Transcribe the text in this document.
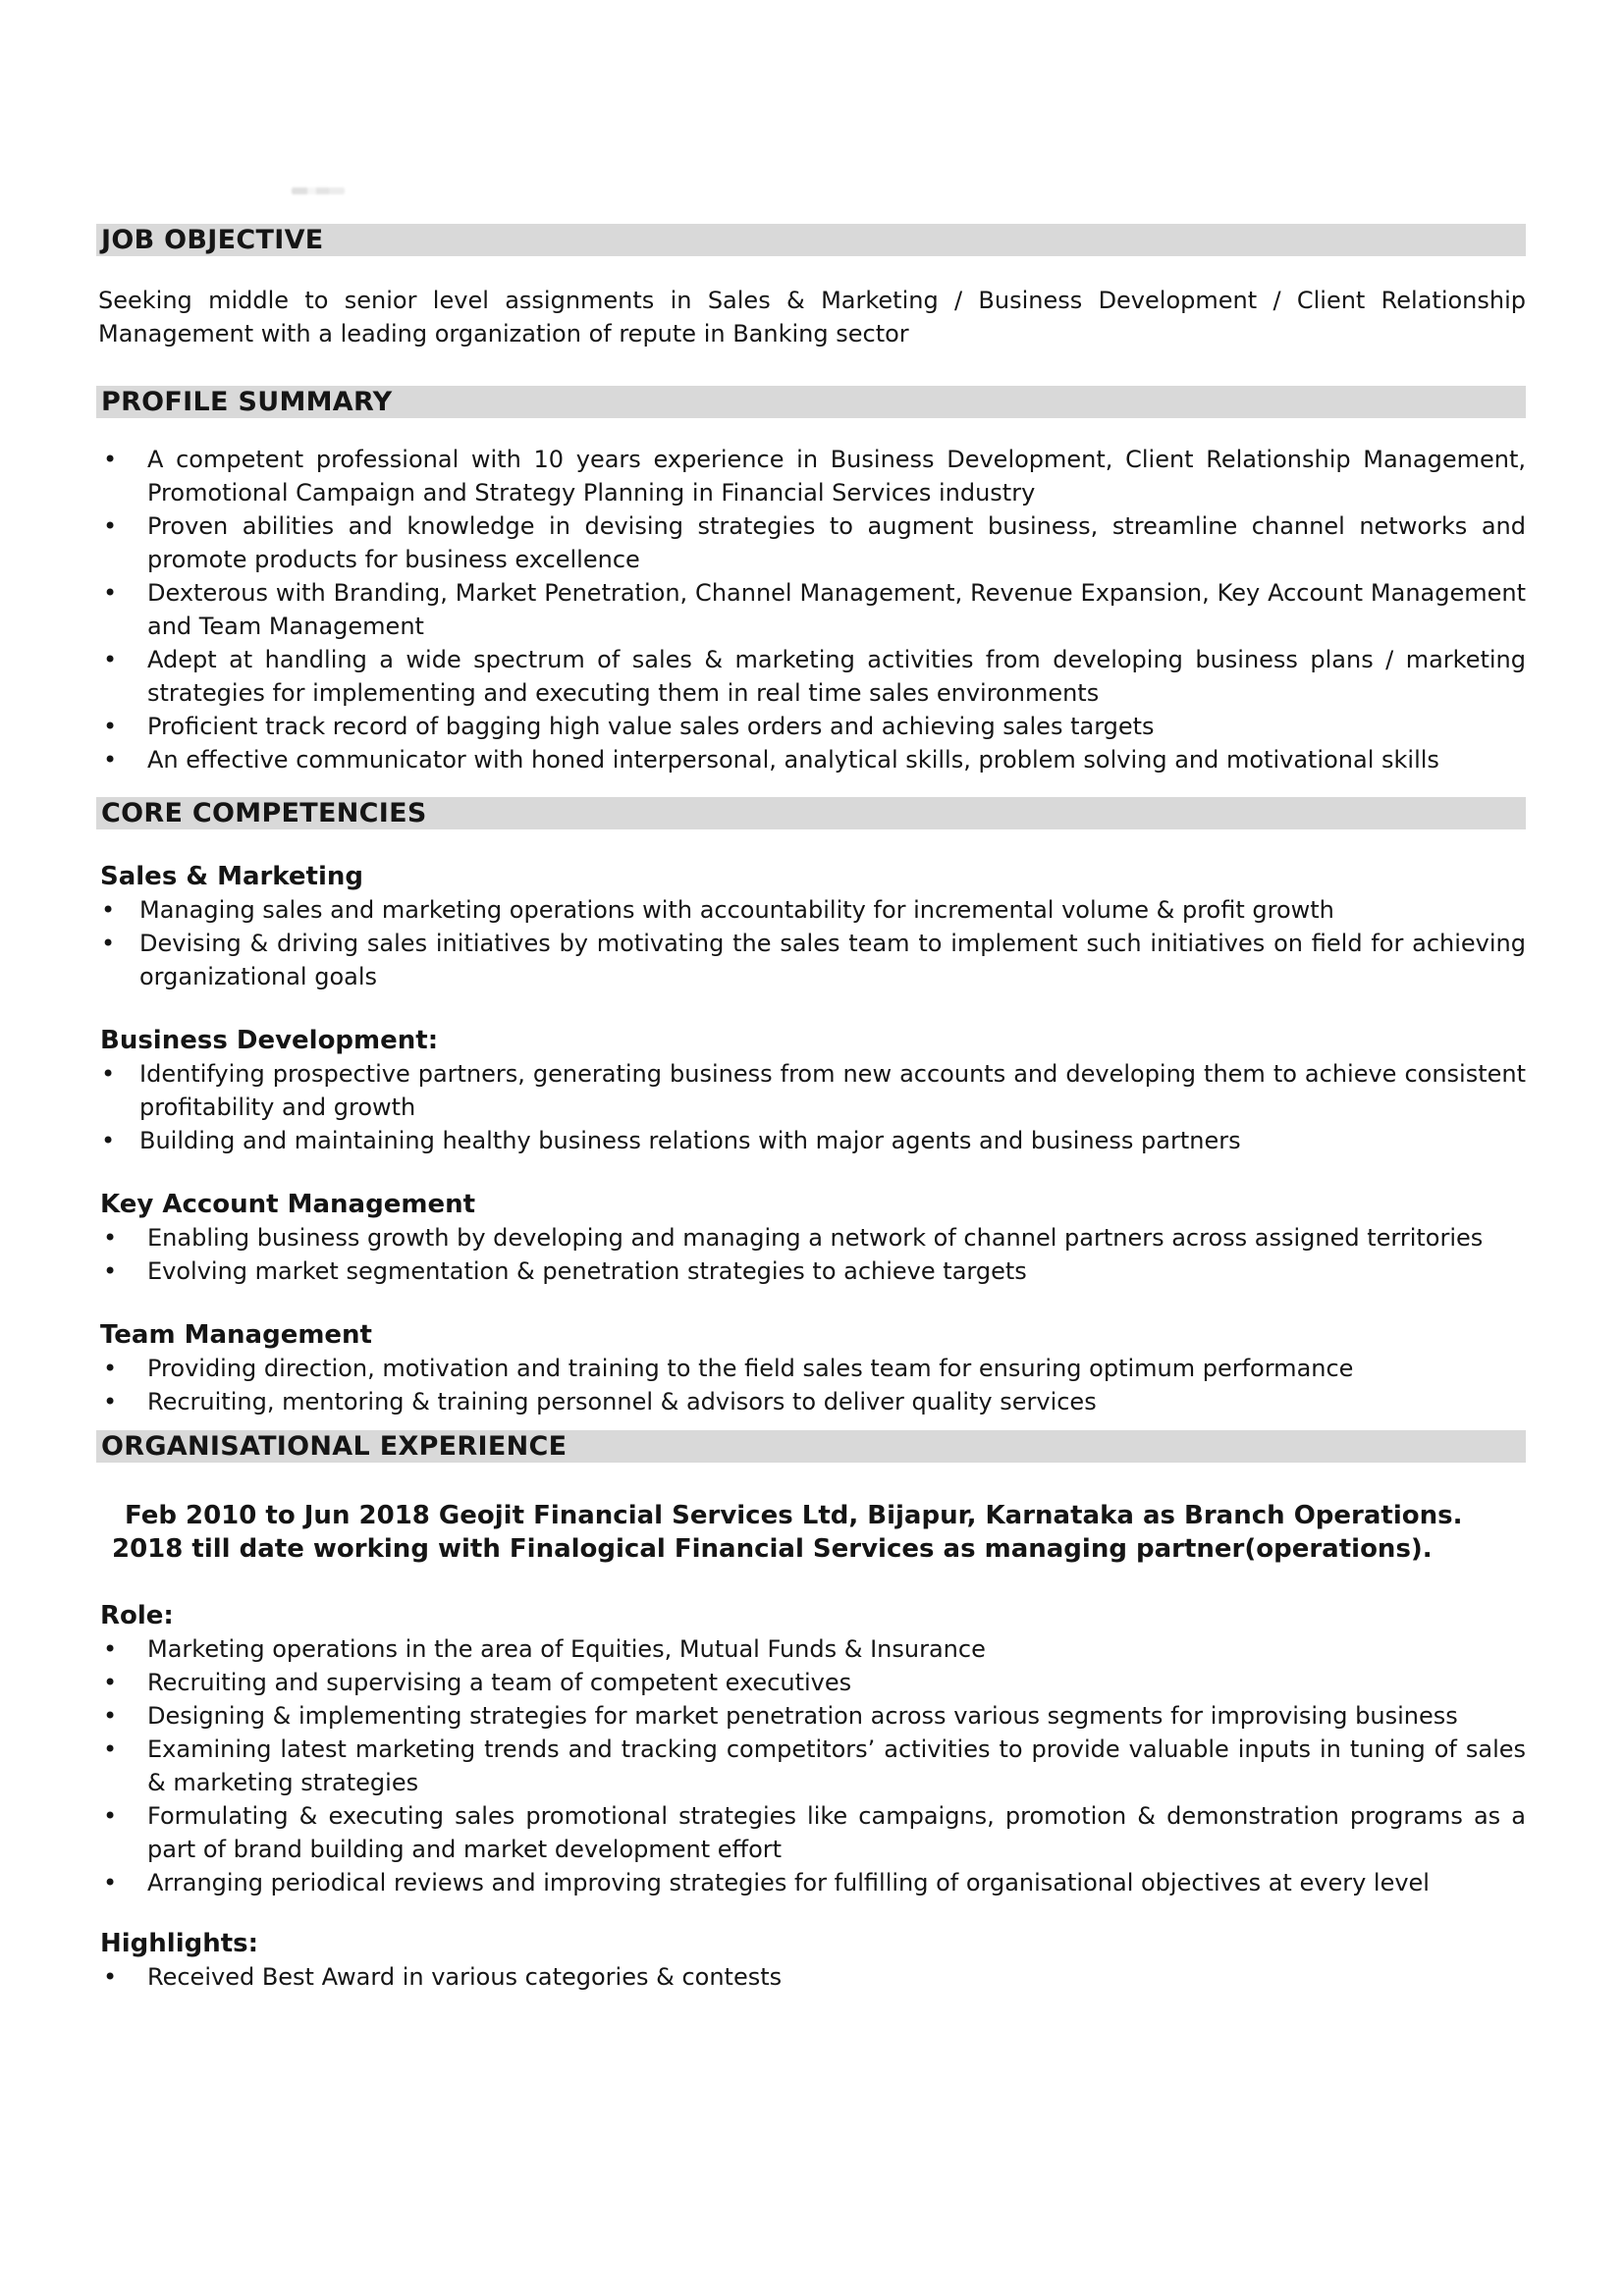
JOB OBJECTIVE

Seeking middle to senior level assignments in Sales & Marketing / Business Development / Client Relationship Management with a leading organization of repute in Banking sector

PROFILE SUMMARY
• A competent professional with 10 years experience in Business Development, Client Relationship Management, Promotional Campaign and Strategy Planning in Financial Services industry
• Proven abilities and knowledge in devising strategies to augment business, streamline channel networks and promote products for business excellence
• Dexterous with Branding, Market Penetration, Channel Management, Revenue Expansion, Key Account Management and Team Management
• Adept at handling a wide spectrum of sales & marketing activities from developing business plans / marketing strategies for implementing and executing them in real time sales environments
• Proficient track record of bagging high value sales orders and achieving sales targets
• An effective communicator with honed interpersonal, analytical skills, problem solving and motivational skills
CORE COMPETENCIES
Sales & Marketing
• Managing sales and marketing operations with accountability for incremental volume & profit growth
• Devising & driving sales initiatives by motivating the sales team to implement such initiatives on field for achieving organizational goals
Business Development:
• Identifying prospective partners, generating business from new accounts and developing them to achieve consistent profitability and growth
• Building and maintaining healthy business relations with major agents and business partners
Key Account Management
• Enabling business growth by developing and managing a network of channel partners across assigned territories
• Evolving market segmentation & penetration strategies to achieve targets
Team Management
• Providing direction, motivation and training to the field sales team for ensuring optimum performance
• Recruiting, mentoring & training personnel & advisors to deliver quality services
ORGANISATIONAL EXPERIENCE

Feb 2010 to Jun 2018 Geojit Financial Services Ltd, Bijapur, Karnataka as Branch Operations.

2018 till date working with Finalogical Financial Services as managing partner(operations).

Role:
• Marketing operations in the area of Equities, Mutual Funds & Insurance
• Recruiting and supervising a team of competent executives
• Designing & implementing strategies for market penetration across various segments for improvising business
• Examining latest marketing trends and tracking competitors’ activities to provide valuable inputs in tuning of sales & marketing strategies
• Formulating & executing sales promotional strategies like campaigns, promotion & demonstration programs as a part of brand building and market development effort
• Arranging periodical reviews and improving strategies for fulfilling of organisational objectives at every level
Highlights:
• Received Best Award in various categories & contests
